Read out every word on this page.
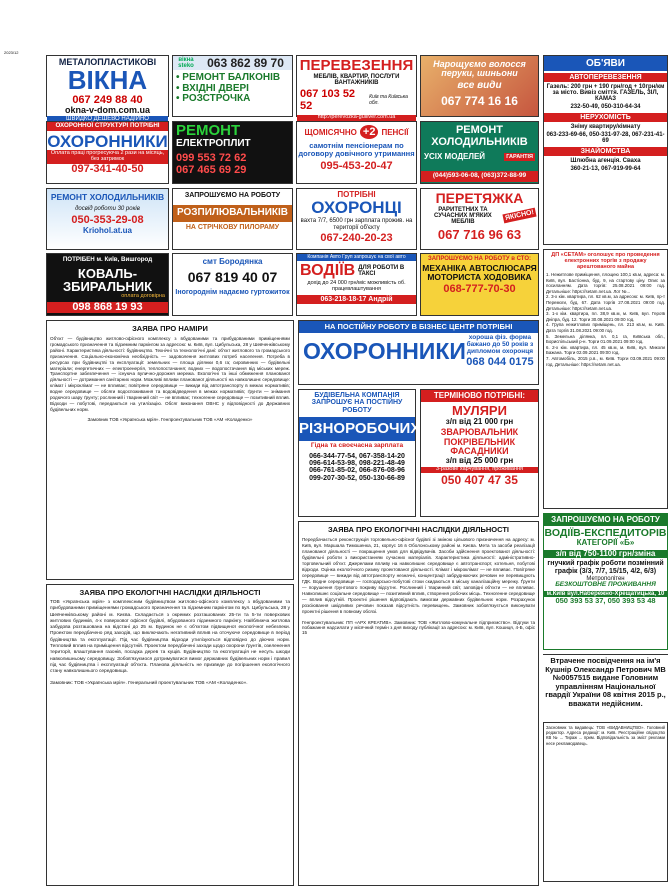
2023/12
МЕТАЛОПЛАСТИКОВІ
ВІКНА
067 249 88 40
okna-v-dom.com.ua
ШВИДКО ДЕШЕВО НАДІЙНО
вікна steko	063 862 89 70
• РЕМОНТ БАЛКОНІВ
• ВХІДНІ ДВЕРІ
• РОЗСТРОЧКА
ПЕРЕВЕЗЕННЯ
МЕБЛІВ, КВАРТИР, ПОСЛУГИ ВАНТАЖНИКІВ
067 103 52 52
Київ та Київська обл.
http://perevozka-gulliver.com.ua
Нарощуємо волосся перуки, шиньони
все види
067 774 16 16
ОБ'ЯВИ
АВТОПЕРЕВЕЗЕННЯ
Газель: 200 грн + 190 грн/год + 10грн/км за місто. Вивіз сміття. ГАЗЕЛЬ, ЗІЛ, КАМАЗ
232-50-49, 050-310-64-34
НЕРУХОМІСТЬ
Зніму квартиру/кімнату
063-233-69-66, 050-331-97-28, 067-231-41-69
ЗНАЙОМСТВА
Шлюбна агенція. Сваха
360-21-13, 067-919-99-64
ОХОРОННОЇ СТРУКТУРІ ПОТРІБНІ
ОХОРОННИКИ
Оплата праці прогресуюча 2 рази на місяць, без затримок
097-341-40-50
РЕМОНТ
ЕЛЕКТРОПЛИТ
099 553 72 62
067 465 69 29
ЩОМІСЯЧНО +2 ПЕНСІЇ
самотнім пенсіонерам по договору довічного утримання
095-453-20-47
РЕМОНТ ХОЛОДИЛЬНИКІВ
УСІХ МОДЕЛЕЙ	ГАРАНТІЯ
(044)593-06-08, (063)372-88-99
РЕМОНТ ХОЛОДИЛЬНИКІВ
досвід роботи 30 років
050-353-29-08
Kriohol.at.ua
ЗАПРОШУЄМО НА РОБОТУ
РОЗПИЛЮВАЛЬНИКІВ
НА СТРІЧКОВУ ПИЛОРАМУ
ПОТРІБНІ
ОХОРОНЦІ
вахта 7/7, 6500 грн зарплата прожив. на території об'єкту
067-240-20-23
ПЕРЕТЯЖКА
РАРИТЕТНИХ ТА СУЧАСНИХ М'ЯКИХ МЕБЛІВ	ЯКІСНО!
067 716 96 63
ПОТРІБЕН м. Київ, Вишгород
КОВАЛЬ-ЗБИРАЛЬНИК
оплата договірна
098 868 19 93
смт Бородянка
067 819 40 07
Іногороднім надаємо гуртожиток
Компанія Авто Груп запрошує на свої авто
ВОДІЇВ ДЛЯ РОБОТИ В ТАКСІ
дохід до 24 000 грн/міс можливість об. працевлаштування
063-218-18-17 Андрій
ЗАПРОШУЄМО НА РОБОТУ в СТО:
МЕХАНІКА АВТОСЛЮСАРЯ МОТОРИСТА ХОДОВИКА
068-777-70-30
ДП «СЕТАМ» оголошує про проведення електронних торгів з продажу арештованого майна
1. Нежитлове приміщення, площею 100,1 кв.м, адреса: м. Київ, вул. Бастіонна, буд. 9, на стартову ціну. Опис за посиланням. Дата торгів: 25.08.2021 09:00 год. Детальніше: https://setam.net.ua. Лот №...
2. 3-х кім. квартира, пл. 62 кв.м, за адресою: м. Київ, пр-т Перемоги, буд. 67. Дата торгів 27.08.2021 09:00 год. Детальніше: https://setam.net.ua.
3. 1-х кім. квартира, пл. 38,9 кв.м, м. Київ, вул. Героїв Дніпра, буд. 12. Торги 30.08.2021 09:00 год.
4. Група нежитлових приміщень, пл. 213 кв.м, м. Київ. Дата торгів 31.08.2021 09:00 год.
5. Земельна ділянка, пл. 0,1 га, Київська обл., Бориспільський р-н. Торги 01.09.2021 09:00 год.
6. 2-х кім. квартира, пл. 45 кв.м, м. Київ, вул. Миколи Бажана. Торги 02.09.2021 09:00 год.
7. Автомобіль, 2015 р.в., м. Київ. Торги 03.09.2021 09:00 год. Детальніше: https://setam.net.ua.
ЗАПРОШУЄМО НА РОБОТУ
ВОДІЇВ-ЕКСПЕДИТОРІВ
КАТЕГОРІЇ «Б»
з/п від 750-1100 грн/зміна
гнучкий графік роботи позмінний графік (3/3, 7/7, 15/15, 4/2, 6/3)
Метрополітен
БЕЗКОШТОВНЕ ПРОЖИВАННЯ
м.Київ вул.Набережно-Хрещатицька, 10
050 393 53 37, 050 393 53 48
Втрачене посвідчення на ім'я Кушнір Олександр Петрович МВ №0057515 видане Головним управлінням Національної гвардії України 08 квітня 2015 р., вважати недійсним.
Засновник та видавець: ТОВ «ВИДАВНИЦТВО». Головний редактор. Адреса редакції: м. Київ. Реєстраційне свідоцтво КВ № ... Тираж ... прим. Відповідальність за зміст реклами несе рекламодавець.
ЗАЯВА ПРО НАМІРИ
Об'єкт — будівництво житлово-офісного комплексу з вбудованими та прибудованими приміщеннями громадського призначення та підземним паркінгом за адресою: м. Київ, вул. Цибульська, 28 у Шевченківському районі. Характеристика діяльності: будівництво. Технічні та технологічні дані: об'єкт житлового та громадського призначення. Соціально-економічна необхідність — задоволення житлових потреб населення. Потреба в ресурсах при будівництві та експлуатації: земельних — площа ділянки 0,6 га; сировинних — будівельні матеріали; енергетичних — електроенергія, теплопостачання; водних — водопостачання від міських мереж. Транспортне забезпечення — існуюча вулично-дорожня мережа. Екологічні та інші обмеження планованої діяльності — дотримання санітарних норм. Можливі впливи планованої діяльності на навколишнє середовище: клімат і мікроклімат — не впливає; повітряне середовище — викиди від автотранспорту в межах нормативів; водне середовище — обсяги водоспоживання та водовідведення в межах нормативів; ґрунти — знімання родючого шару ґрунту; рослинний і тваринний світ — не впливає; техногенне середовище — позитивний вплив. Відходи — побутові, передаються на утилізацію. Обсяг виконання ОВНС у відповідності до Державних будівельних норм.
Замовник ТОВ «Українська мрія». Генпроектувальник ТОВ «АМ «Коладенко»
НА ПОСТІЙНУ РОБОТУ В БІЗНЕС ЦЕНТР ПОТРІБНІ
ОХОРОННИКИ
хороша фіз. форма бажано до 50 років з дипломом охоронця
068 044 0175
БУДІВЕЛЬНА КОМПАНІЯ ЗАПРОШУЄ НА ПОСТІЙНУ РОБОТУ
РІЗНОРОБОЧИХ
Гідна та своєчасна зарплата
066-344-77-54, 067-358-14-20
096-614-53-98, 098-221-48-49
066-761-85-02, 066-876-08-96
099-207-30-52, 050-130-66-89
ТЕРМІНОВО ПОТРІБНІ:
МУЛЯРИ
з/п від 21 000 грн
ЗВАРЮВАЛЬНИК ПОКРІВЕЛЬНИК ФАСАДНИКИ
з/п від 25 000 грн
3-разове харчування, проживання
050 407 47 35
ЗАЯВА ПРО ЕКОЛОГІЧНІ НАСЛІДКИ ДІЯЛЬНОСТІ
Передбачається реконструкція торговельно-офісної будівлі зі зміною цільового призначення на адресу: м. Київ, вул. Маршала Тимошенка, 21, корпус 16 в Оболонському районі м. Києва. Мета та засоби реалізації планованої діяльності — покращення умов для відвідувачів. Засоби здійснення проектованої діяльності: будівельні роботи з використанням сучасних матеріалів. Характеристика діяльності: адміністративно-торговельний об'єкт. Джерелами впливу на навколишнє середовище є автотранспорт, котельня, побутові відходи. Оцінка екологічного ризику проектованої діяльності. Клімат і мікроклімат — не впливає. Повітряне середовище — викиди від автотранспорту незначні, концентрації забруднюючих речовин не перевищують ГДК. Водне середовище — господарсько-побутові стоки скидаються в міську каналізаційну мережу. Ґрунти — порушення ґрунтового покриву відсутнє. Рослинний і тваринний світ, заповідні об'єкти — не впливає. Навколишнє соціальне середовище — позитивний вплив, створення робочих місць. Техногенне середовище — вплив відсутній. Проектні рішення відповідають вимогам державних будівельних норм. Розрахунок розсіювання шкідливих речовин показав відсутність перевищень. Замовник зобов'язується виконувати проектні рішення в повному обсязі.
Генпроектувальник: ПП «АРХ КРЕАТИВ». Замовник: ТОВ «Житлово-комунальне підприємство». Відгуки та побажання надсилати у місячний термін з дня виходу публікації за адресою: м. Київ, вул. Кошиця, 4-Б, офіс 15
ЗАЯВА ПРО ЕКОЛОГІЧНІ НАСЛІДКИ ДІЯЛЬНОСТІ
ТОВ «Українська мрія» з комплексним будівництвом житлово-офісного комплексу з вбудованими та прибудованими приміщеннями громадського призначення та підземним паркінгом по вул. Цибульська, 28 у Шевченківському районі м. Києва. Складається з окремих розташованих 25-ти та 5-ти поверхових житлових будинків, 4-х поверхової офісної будівлі, вбудованого підземного паркінгу. Найближча житлова забудова розташована на відстані до 25 м. Будинок не є об'єктом підвищеної екологічної небезпеки. Проектом передбачено ряд заходів, що виключають негативний вплив на оточуюче середовище в період будівництва та експлуатації. Під час будівництва відходи утилізуються відповідно до діючих норм. Тепловий вплив на приміщення відсутній. Проектом передбачені заходи щодо охорони ґрунтів, озеленення території, влаштування газонів, посадка дерев та кущів. Будівництво та експлуатація не несуть шкоди навколишньому середовищу. Зобов'язуємося дотримуватися вимог державних будівельних норм і правил під час будівництва і експлуатації об'єкта. Планова діяльність не призведе до погіршення екологічного стану навколишнього середовища.
Замовник: ТОВ «Українська мрія». Генеральний проектувальник ТОВ «АМ «Коладенко».
